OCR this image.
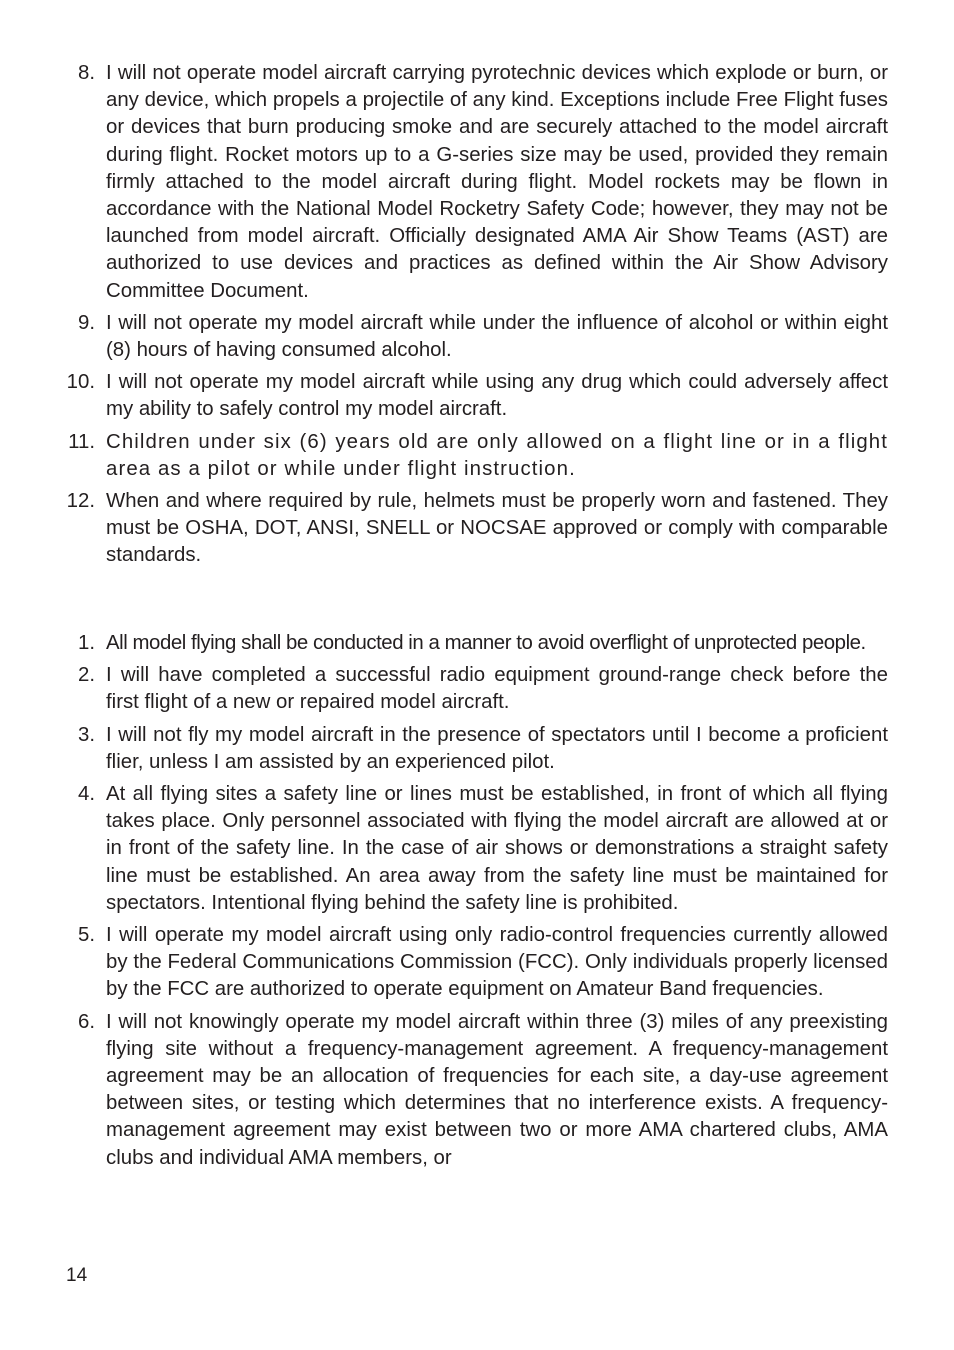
8. I will not operate model aircraft carrying pyrotechnic devices which explode or burn, or any device, which propels a projectile of any kind. Exceptions include Free Flight fuses or devices that burn producing smoke and are securely attached to the model aircraft during flight. Rocket motors up to a G-series size may be used, provided they remain firmly attached to the model aircraft during flight. Model rockets may be flown in accordance with the National Model Rocketry Safety Code; however, they may not be launched from model aircraft. Officially designated AMA Air Show Teams (AST) are authorized to use devices and practices as defined within the Air Show Advisory Committee Document.
9. I will not operate my model aircraft while under the influence of alcohol or within eight (8) hours of having consumed alcohol.
10. I will not operate my model aircraft while using any drug which could adversely affect my ability to safely control my model aircraft.
11. Children under six (6) years old are only allowed on a flight line or in a flight area as a pilot or while under flight instruction.
12. When and where required by rule, helmets must be properly worn and fastened. They must be OSHA, DOT, ANSI, SNELL or NOCSAE approved or comply with comparable standards.
1. All model flying shall be conducted in a manner to avoid overflight of unprotected people.
2. I will have completed a successful radio equipment ground-range check before the first flight of a new or repaired model aircraft.
3. I will not fly my model aircraft in the presence of spectators until I become a proficient flier, unless I am assisted by an experienced pilot.
4. At all flying sites a safety line or lines must be established, in front of which all flying takes place. Only personnel associated with flying the model aircraft are allowed at or in front of the safety line. In the case of air shows or demonstrations a straight safety line must be established. An area away from the safety line must be maintained for spectators. Intentional flying behind the safety line is prohibited.
5. I will operate my model aircraft using only radio-control frequencies currently allowed by the Federal Communications Commission (FCC). Only individuals properly licensed by the FCC are authorized to operate equipment on Amateur Band frequencies.
6. I will not knowingly operate my model aircraft within three (3) miles of any preexisting flying site without a frequency-management agreement. A frequency-management agreement may be an allocation of frequencies for each site, a day-use agreement between sites, or testing which determines that no interference exists. A frequency-management agreement may exist between two or more AMA chartered clubs, AMA clubs and individual AMA members, or
14
